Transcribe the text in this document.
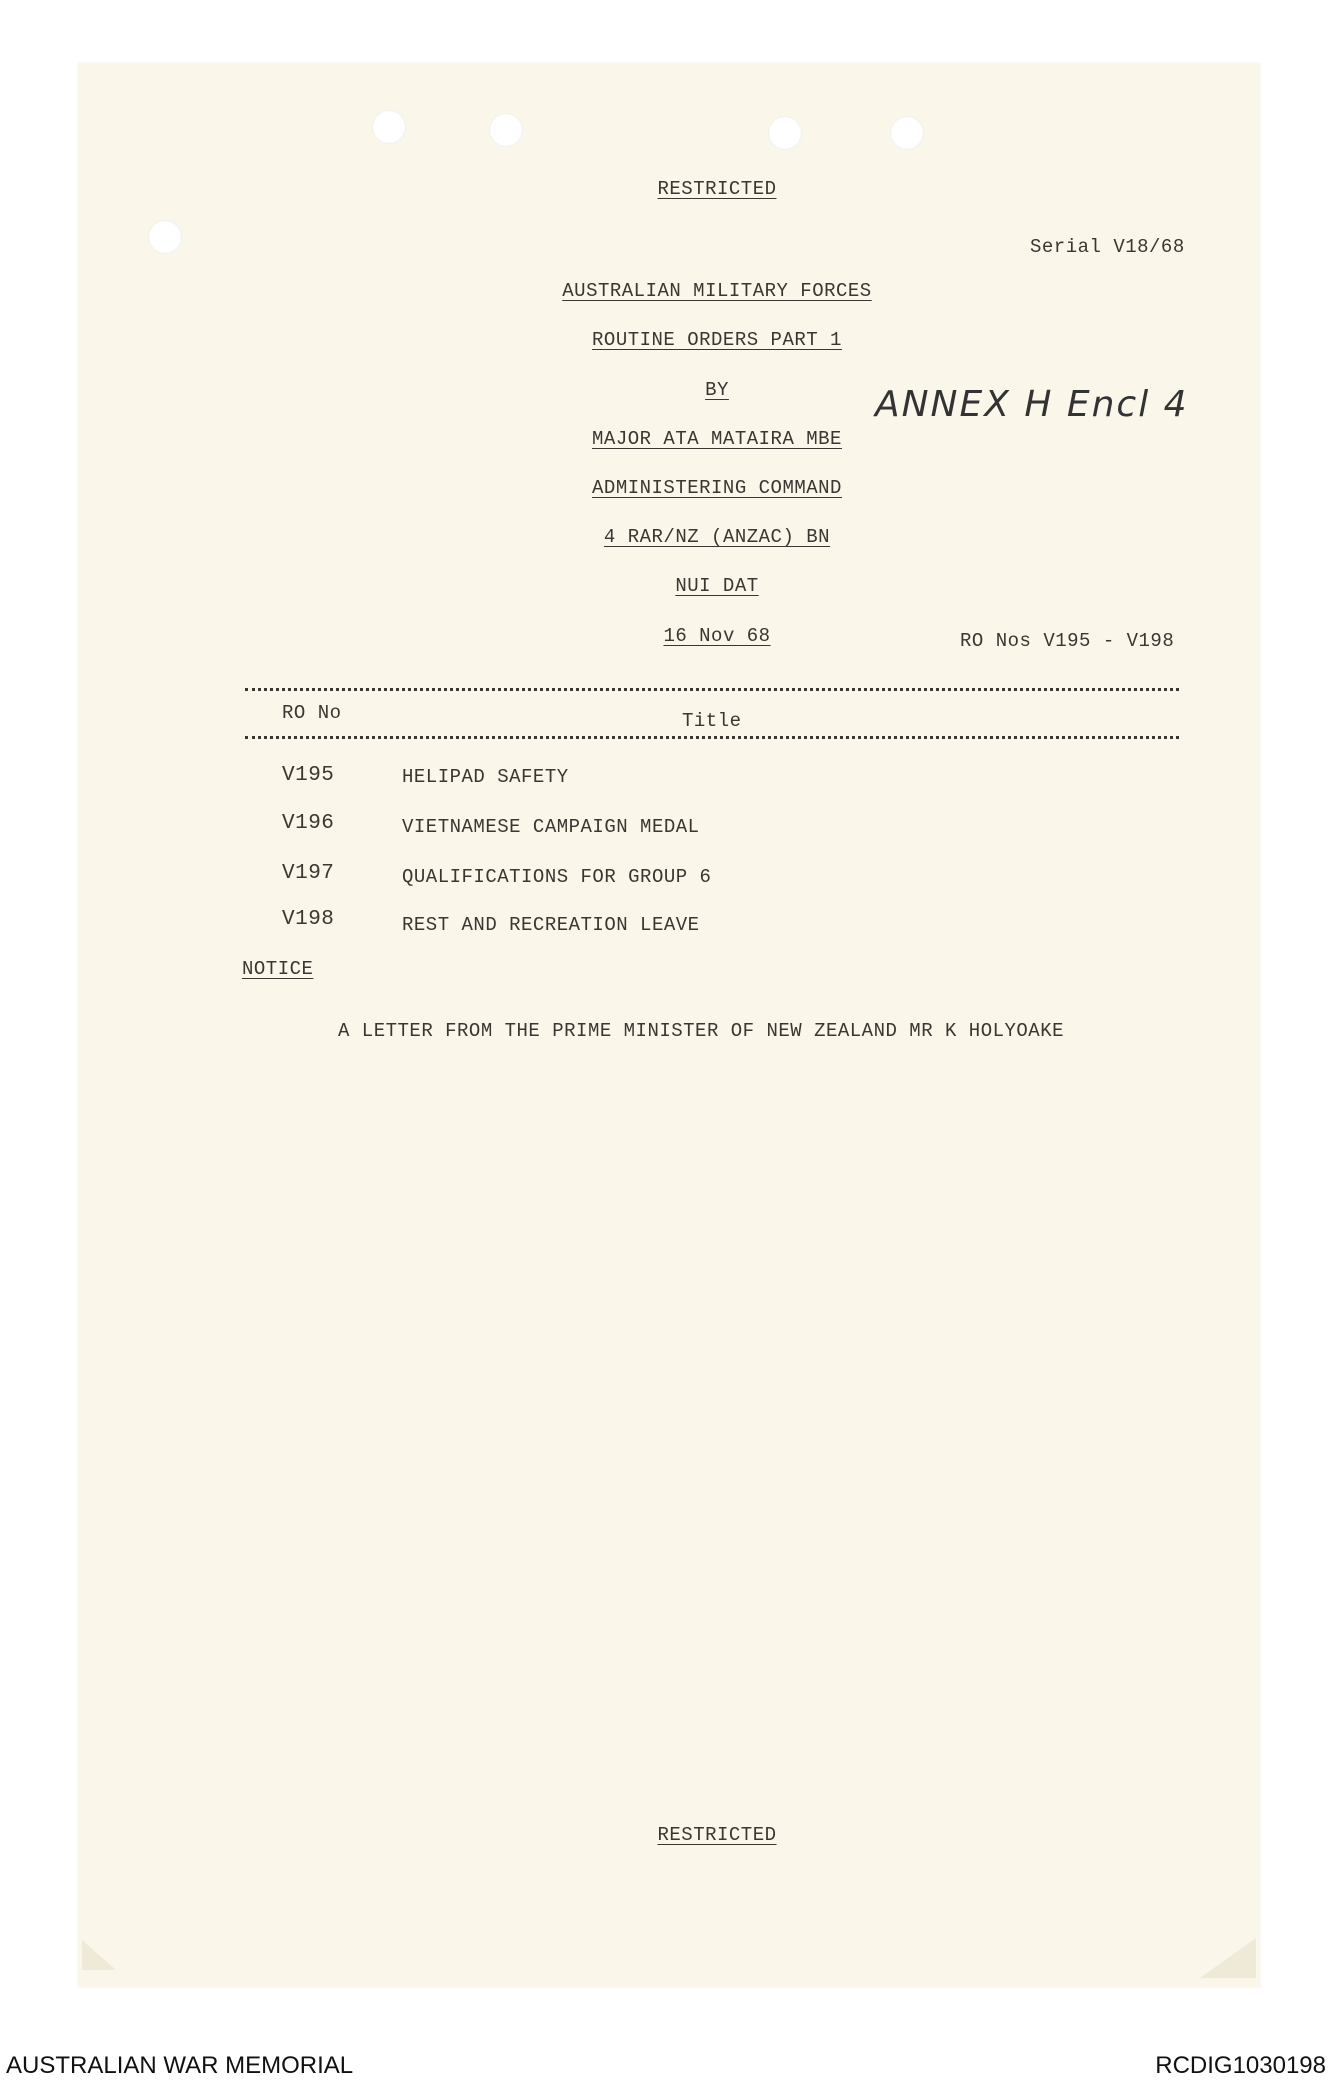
RESTRICTED
Serial V18/68
AUSTRALIAN MILITARY FORCES
ROUTINE ORDERS PART 1
BY
MAJOR ATA MATAIRA MBE
ADMINISTERING COMMAND
4 RAR/NZ (ANZAC) BN
NUI DAT
16 Nov 68
ANNEX H Encl 4
RO Nos V195 - V198
RO No	Title
V195	HELIPAD SAFETY
V196	VIETNAMESE CAMPAIGN MEDAL
V197	QUALIFICATIONS FOR GROUP 6
V198	REST AND RECREATION LEAVE
NOTICE
A LETTER FROM THE PRIME MINISTER OF NEW ZEALAND MR K HOLYOAKE
RESTRICTED
AUSTRALIAN WAR MEMORIAL	RCDIG1030198
